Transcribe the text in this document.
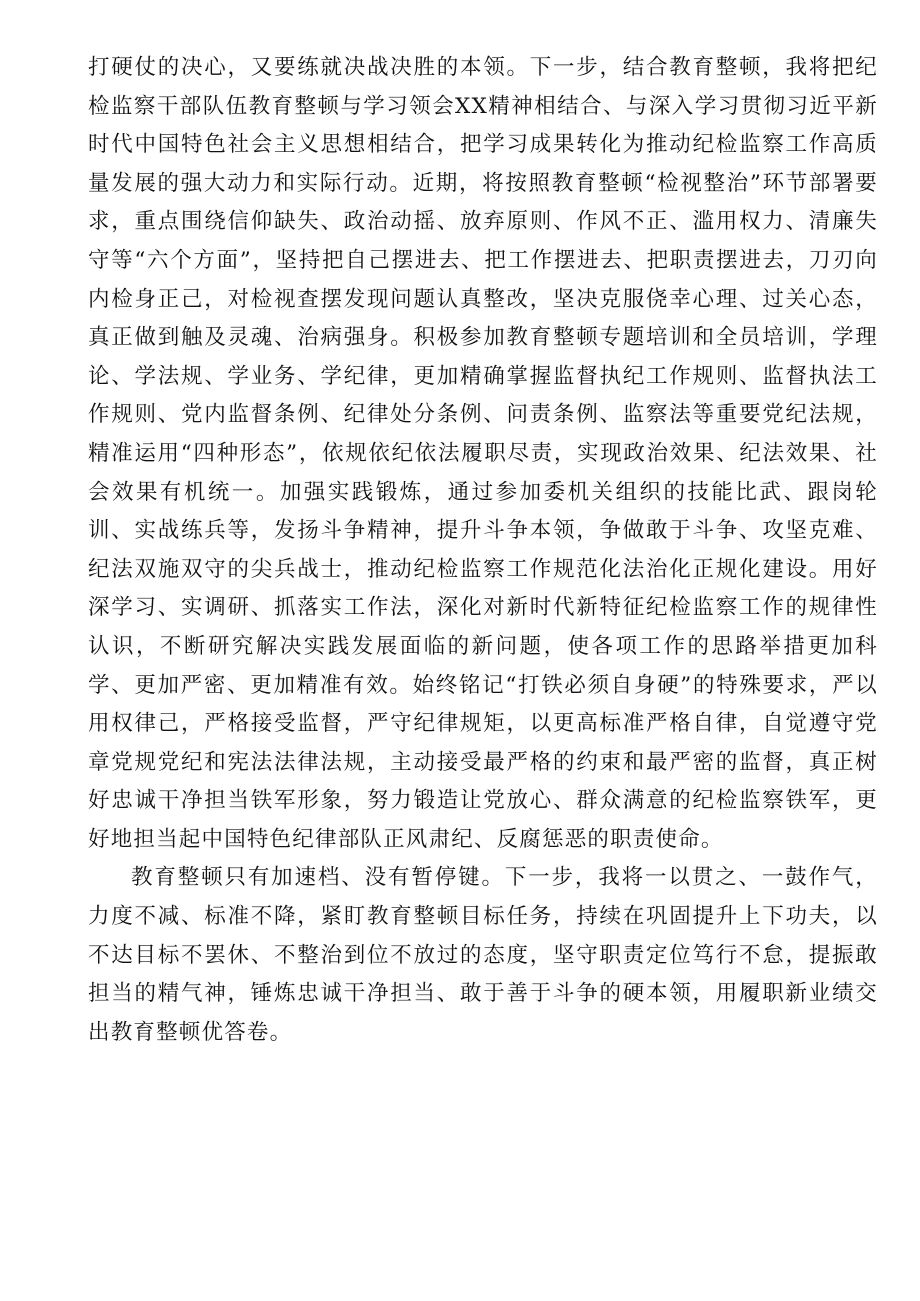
打硬仗的决心，又要练就决战决胜的本领。下一步，结合教育整顿，我将把纪检监察干部队伍教育整顿与学习领会XX精神相结合、与深入学习贯彻习近平新时代中国特色社会主义思想相结合，把学习成果转化为推动纪检监察工作高质量发展的强大动力和实际行动。近期，将按照教育整顿“检视整治”环节部署要求，重点围绕信仰缺失、政治动摇、放弃原则、作风不正、滥用权力、清廉失守等“六个方面”，坚持把自己摆进去、把工作摆进去、把职责摆进去，刀刃向内检身正己，对检视查摆发现问题认真整改，坚决克服侥幸心理、过关心态，真正做到触及灵魂、治病强身。积极参加教育整顿专题培训和全员培训，学理论、学法规、学业务、学纪律，更加精确掌握监督执纪工作规则、监督执法工作规则、党内监督条例、纪律处分条例、问责条例、监察法等重要党纪法规，精准运用“四种形态”，依规依纪依法履职尽责，实现政治效果、纪法效果、社会效果有机统一。加强实践锻炼，通过参加委机关组织的技能比武、跟岗轮训、实战练兵等，发扬斗争精神，提升斗争本领，争做敢于斗争、攻坚克难、纪法双施双守的尖兵战士，推动纪检监察工作规范化法治化正规化建设。用好深学习、实调研、抓落实工作法，深化对新时代新特征纪检监察工作的规律性认识，不断研究解决实践发展面临的新问题，使各项工作的思路举措更加科学、更加严密、更加精准有效。始终铭记“打铁必须自身硬”的特殊要求，严以用权律己，严格接受监督，严守纪律规矩，以更高标准严格自律，自觉遵守党章党规党纪和宪法法律法规，主动接受最严格的约束和最严密的监督，真正树好忠诚干净担当铁军形象，努力锻造让党放心、群众满意的纪检监察铁军，更好地担当起中国特色纪律部队正风肃纪、反腐惩恶的职责使命。

教育整顿只有加速档、没有暂停键。下一步，我将一以贯之、一鼓作气，力度不减、标准不降，紧盯教育整顿目标任务，持续在巩固提升上下功夫，以不达目标不罢休、不整治到位不放过的态度，坚守职责定位笃行不怠，提振敢担当的精气神，锤炼忠诚干净担当、敢于善于斗争的硬本领，用履职新业绩交出教育整顿优答卷。
